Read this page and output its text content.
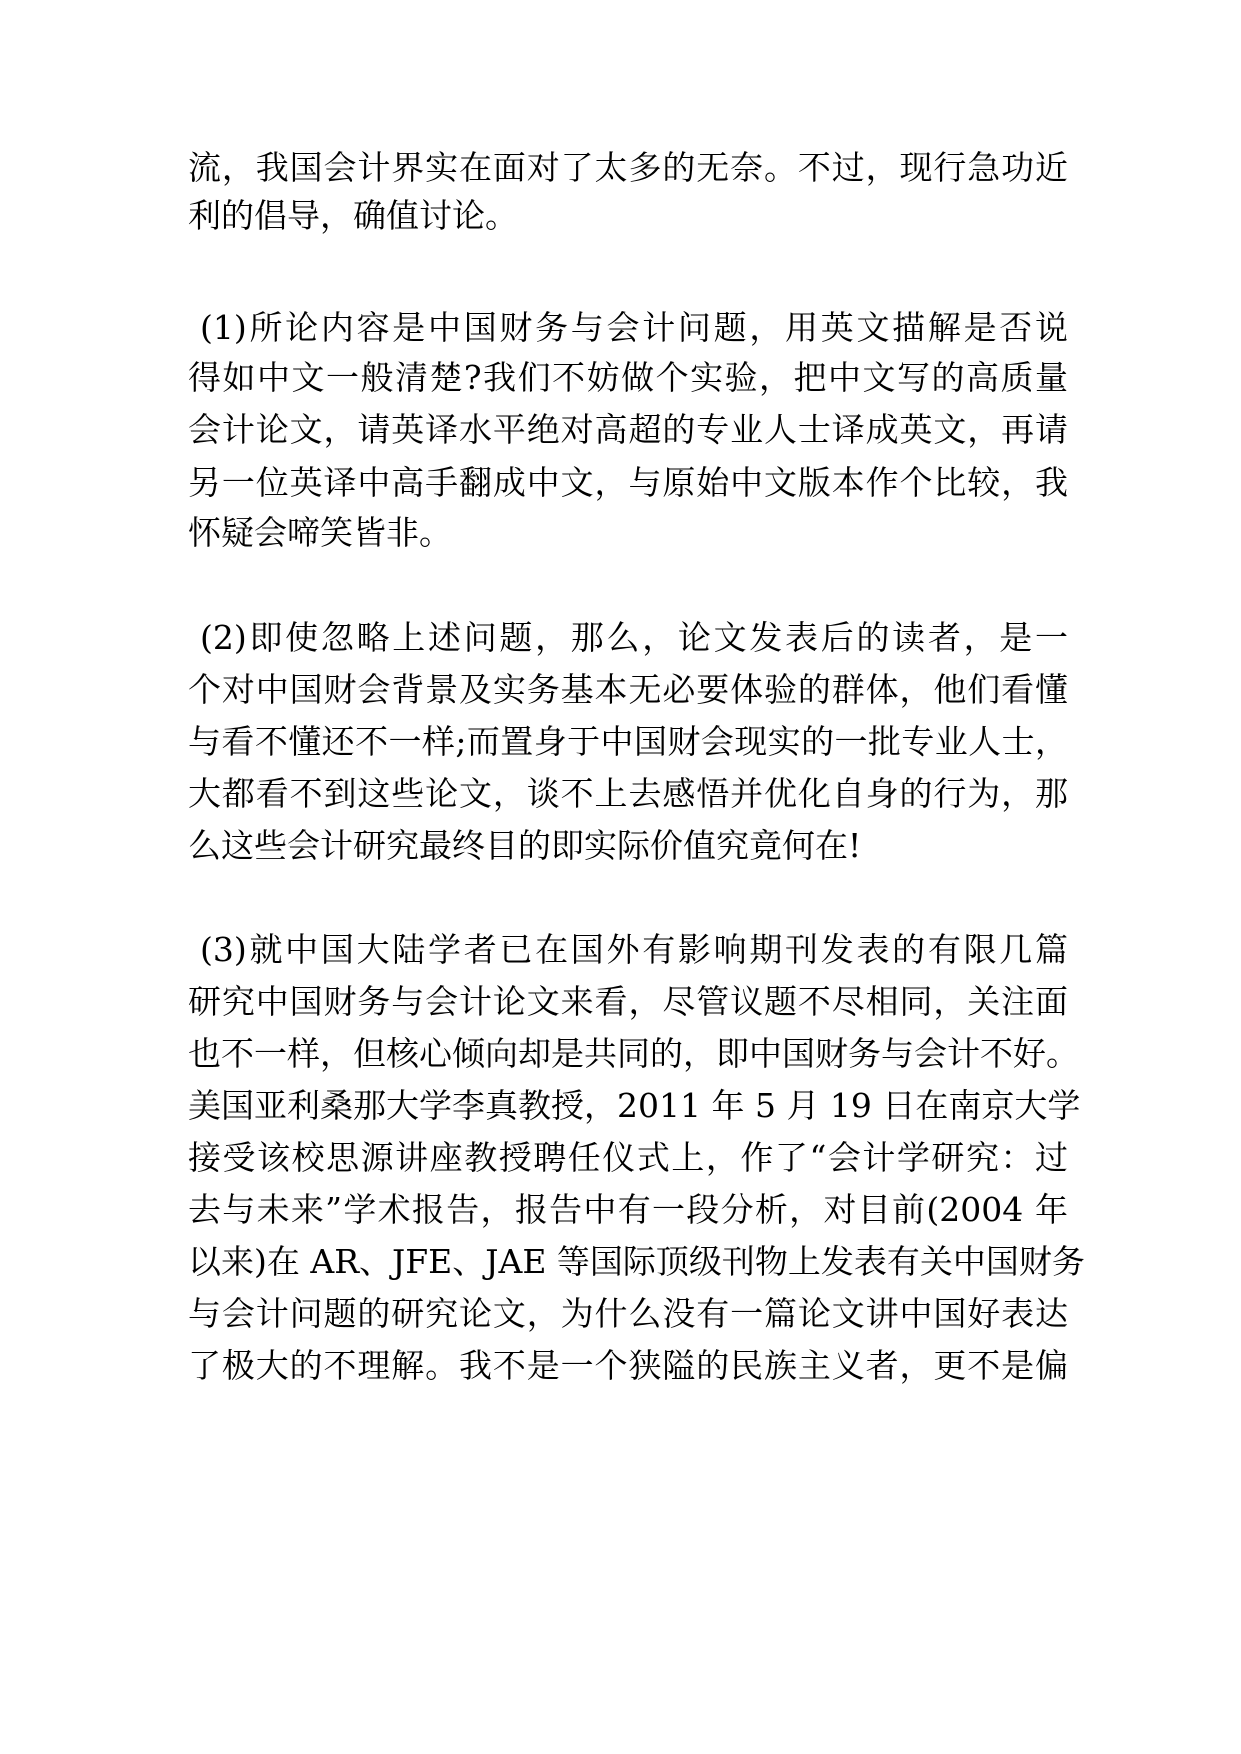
流，我国会计界实在面对了太多的无奈。不过，现行急功近

利的倡导，确值讨论。

(1)所论内容是中国财务与会计问题，用英文描解是否说

得如中文一般清楚?我们不妨做个实验，把中文写的高质量

会计论文，请英译水平绝对高超的专业人士译成英文，再请

另一位英译中高手翻成中文，与原始中文版本作个比较，我

怀疑会啼笑皆非。

(2)即使忽略上述问题，那么，论文发表后的读者，是一

个对中国财会背景及实务基本无必要体验的群体，他们看懂

与看不懂还不一样;而置身于中国财会现实的一批专业人士，

大都看不到这些论文，谈不上去感悟并优化自身的行为，那

么这些会计研究最终目的即实际价值究竟何在!

(3)就中国大陆学者已在国外有影响期刊发表的有限几篇

研究中国财务与会计论文来看，尽管议题不尽相同，关注面

也不一样，但核心倾向却是共同的，即中国财务与会计不好。

美国亚利桑那大学李真教授，2011 年 5 月 19 日在南京大学

接受该校思源讲座教授聘任仪式上，作了“会计学研究：过

去与未来”学术报告，报告中有一段分析，对目前(2004 年

以来)在 AR、JFE、JAE 等国际顶级刊物上发表有关中国财务

与会计问题的研究论文，为什么没有一篇论文讲中国好表达

了极大的不理解。我不是一个狭隘的民族主义者，更不是偏
